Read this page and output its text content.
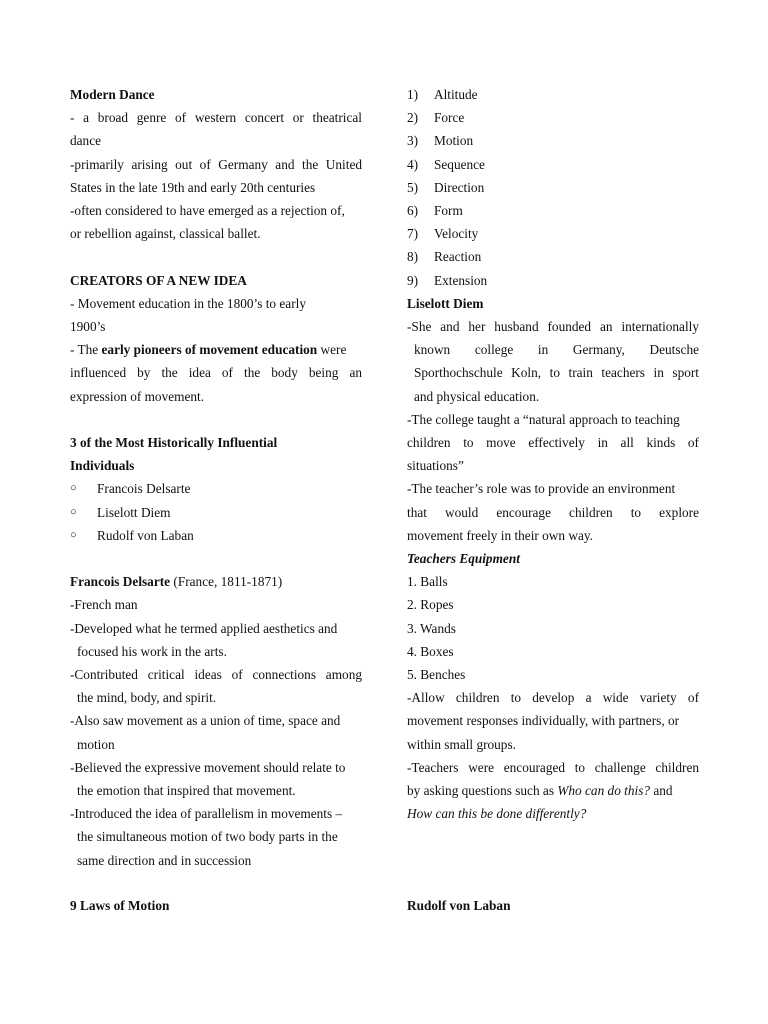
Modern Dance

- a broad genre of western concert or theatrical

dance

-primarily arising out of Germany and the United

States in the late 19th and early 20th centuries

-often considered to have emerged as a rejection of,

or rebellion against, classical ballet.

CREATORS OF A NEW IDEA

- Movement education in the 1800’s to early

1900’s

- The early pioneers of movement education were

influenced by the idea of the body being an

expression of movement.

3 of the Most Historically Influential

Individuals

○	Francois Delsarte
○	Liselott Diem
○	Rudolf von Laban

Francois Delsarte (France, 1811-1871)

-French man

-Developed what he termed applied aesthetics and

focused his work in the arts.

-Contributed critical ideas of connections among

the mind, body, and spirit.

-Also saw movement as a union of time, space and

motion

-Believed the expressive movement should relate to

the emotion that inspired that movement.

-Introduced the idea of parallelism in movements –

the simultaneous motion of two body parts in the

same direction and in succession

9 Laws of Motion

1)	Altitude
2)	Force
3)	Motion
4)	Sequence
5)	Direction
6)	Form
7)	Velocity
8)	Reaction
9)	Extension

Liselott Diem

-She and her husband founded an internationally

known college in Germany, Deutsche

Sporthochschule Koln, to train teachers in sport

and physical education.

-The college taught a “natural approach to teaching

children to move effectively in all kinds of

situations”

-The teacher’s role was to provide an environment

that would encourage children to explore

movement freely in their own way.

Teachers Equipment

1. Balls

2. Ropes

3. Wands

4. Boxes

5. Benches

-Allow children to develop a wide variety of

movement responses individually, with partners, or

within small groups.

-Teachers were encouraged to challenge children

by asking questions such as Who can do this? and

How can this be done differently?

Rudolf von Laban
